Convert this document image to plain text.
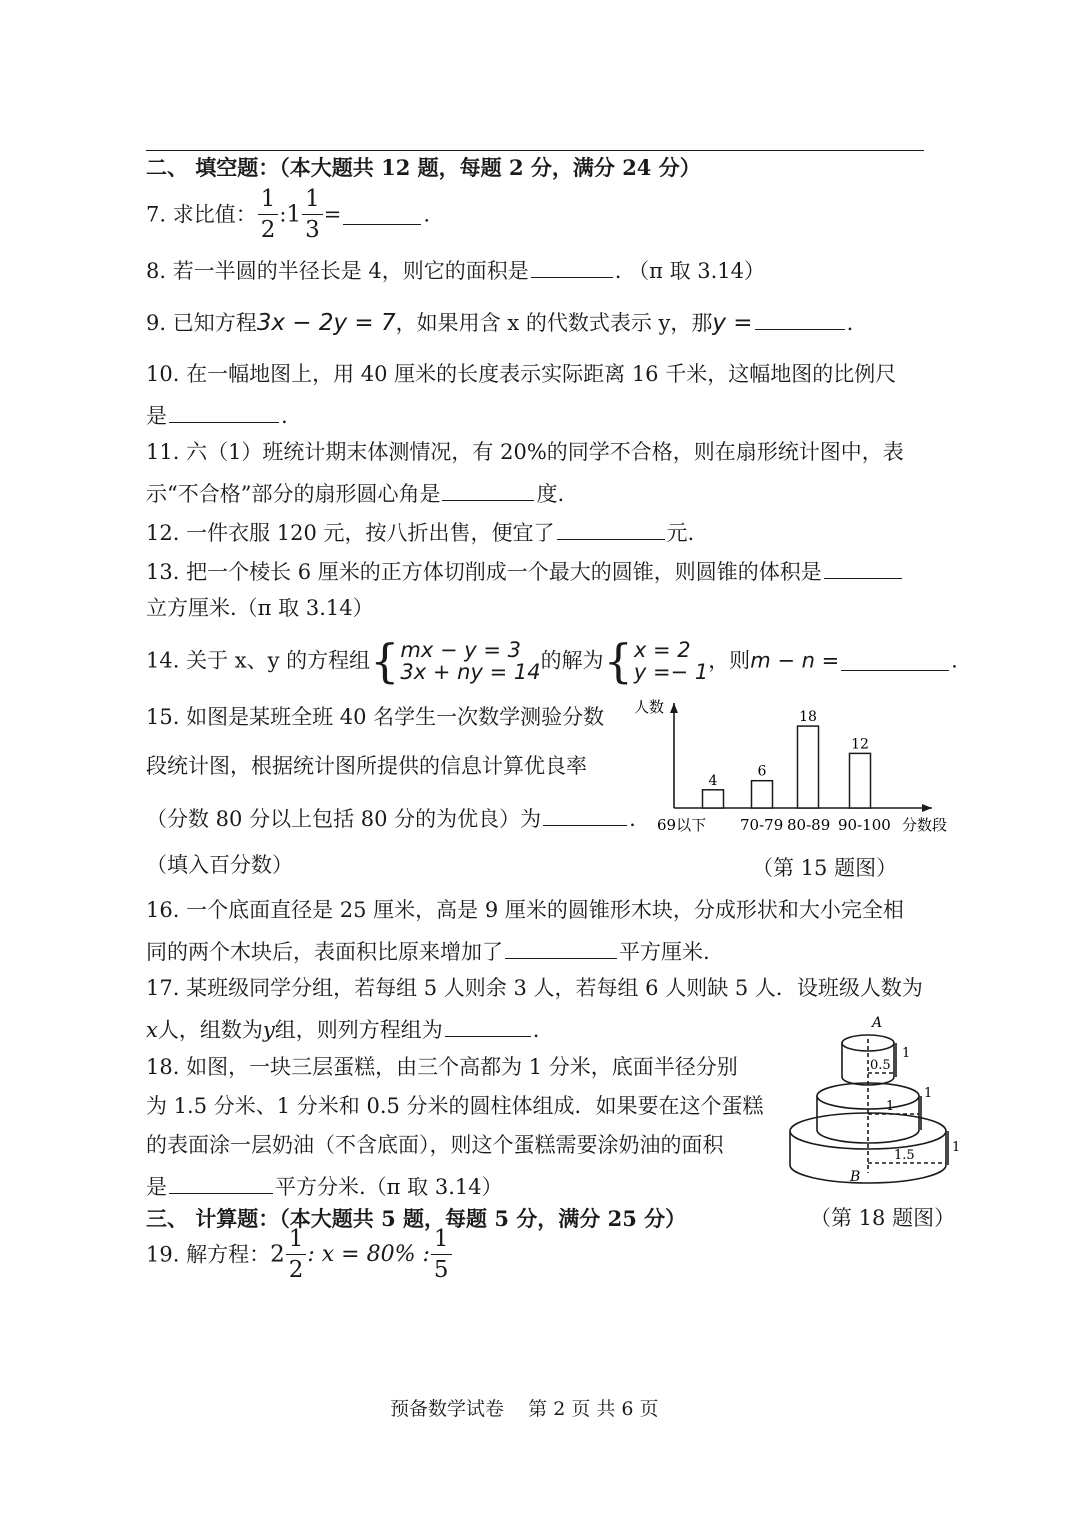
二、 填空题：（本大题共 12 题，每题 2 分，满分 24 分）
7. 求比值： $\frac{1}{2}$ :1 $\frac{1}{3}$ =	.
8. 若一半圆的半径长是 4，则它的面积是	. （π 取 3.14）
9. 已知方程3x − 2y = 7，如果用含 x 的代数式表示 y，那y =	.
10. 在一幅地图上，用 40 厘米的长度表示实际距离 16 千米，这幅地图的比例尺
是	.
11. 六（1）班统计期末体测情况，有 20%的同学不合格，则在扇形统计图中，表
示“不合格”部分的扇形圆心角是	度.
12. 一件衣服 120 元，按八折出售，便宜了	元.
13. 把一个棱长 6 厘米的正方体切削成一个最大的圆锥，则圆锥的体积是
立方厘米.（π 取 3.14）
14. 关于 x、y 的方程组{ mx − y = 3
3x + ny = 14 的解为{ x = 2
y =− 1 ，则m − n =	.
15. 如图是某班全班 40 名学生一次数学测验分数
段统计图，根据统计图所提供的信息计算优良率
（分数 80 分以上包括 80 分的为优良）为	.
（填入百分数）
人数
分数段
4
6
18
12
69以下 70-79 80-89 90-100
（第 15 题图）
16. 一个底面直径是 25 厘米，高是 9 厘米的圆锥形木块，分成形状和大小完全相
同的两个木块后，表面积比原来增加了	平方厘米.
17. 某班级同学分组，若每组 5 人则余 3 人，若每组 6 人则缺 5 人．设班级人数为
x人，组数为y组，则列方程组为	.
18. 如图，一块三层蛋糕，由三个高都为 1 分米，底面半径分别
为 1.5 分米、1 分米和 0.5 分米的圆柱体组成．如果要在这个蛋糕
的表面涂一层奶油（不含底面），则这个蛋糕需要涂奶油的面积
是	平方分米.（π 取 3.14）
A
B
0.5
1
1.5
1
1
1
（第 18 题图）
三、 计算题：（本大题共 5 题，每题 5 分，满分 25 分）
19. 解方程：$2 \frac{1}{2}$ : x = 80% : $\frac{1}{5}$
预备数学试卷    第 2 页 共 6 页
